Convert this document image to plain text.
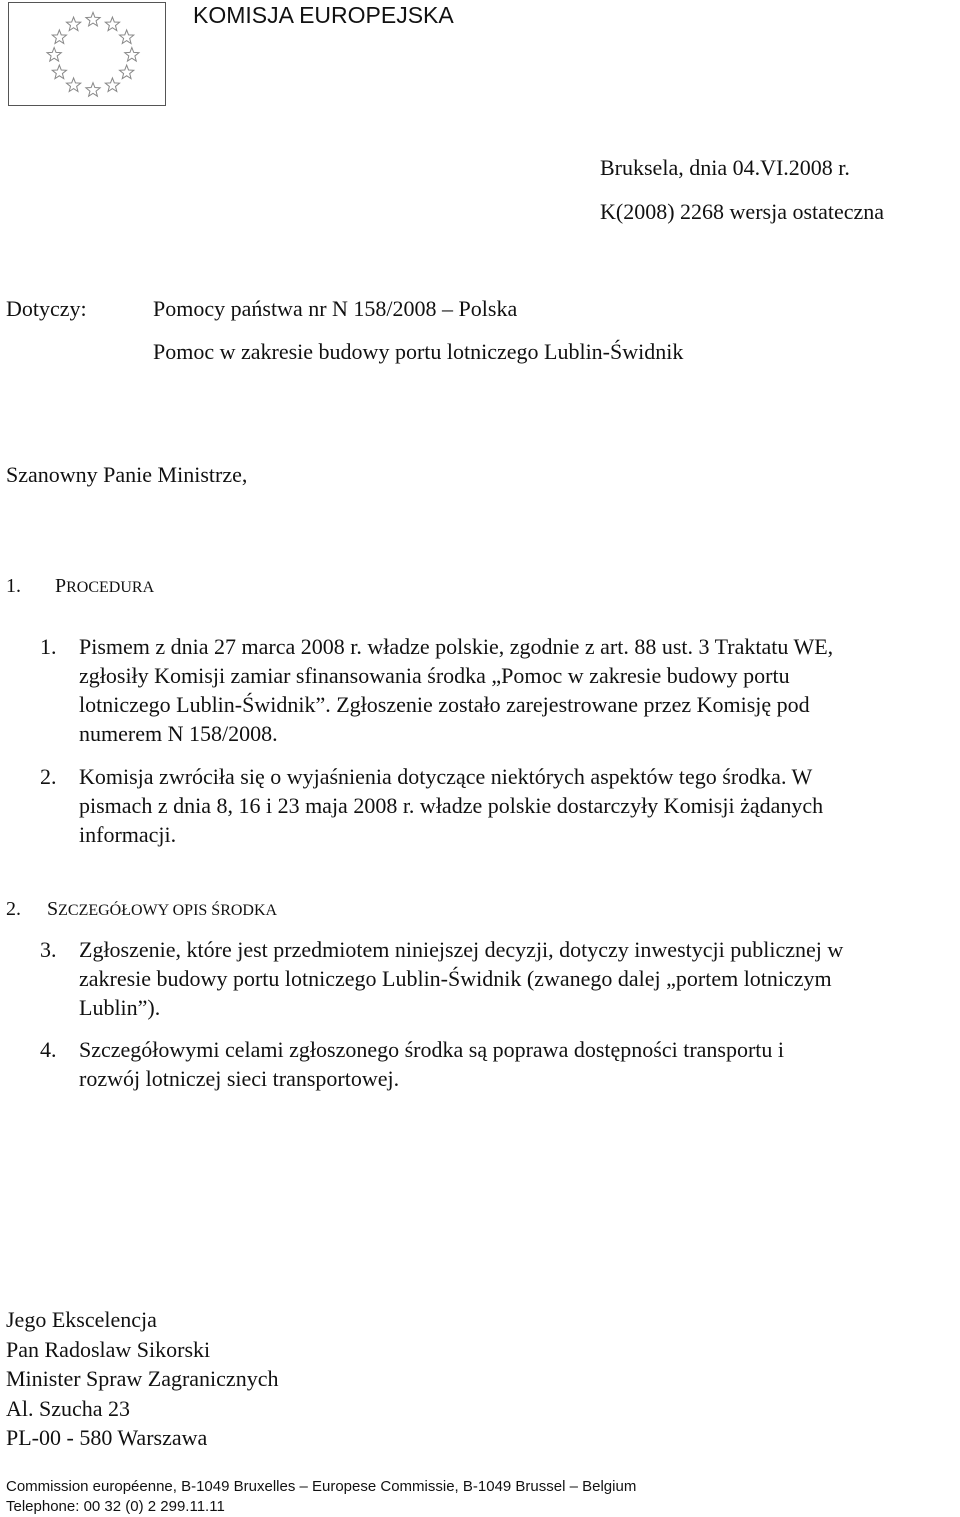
KOMISJA EUROPEJSKA
Bruksela, dnia 04.VI.2008 r.
K(2008) 2268 wersja ostateczna
Dotyczy:	Pomocy państwa nr N 158/2008 – Polska
Pomoc w zakresie budowy portu lotniczego Lublin-Świdnik
Szanowny Panie Ministrze,
1. PROCEDURA
1. Pismem z dnia 27 marca 2008 r. władze polskie, zgodnie z art. 88 ust. 3 Traktatu WE,
zgłosiły Komisji zamiar sfinansowania środka „Pomoc w zakresie budowy portu
lotniczego Lublin-Świdnik”. Zgłoszenie zostało zarejestrowane przez Komisję pod
numerem N 158/2008.
2. Komisja zwróciła się o wyjaśnienia dotyczące niektórych aspektów tego środka. W
pismach z dnia 8, 16 i 23 maja 2008 r. władze polskie dostarczyły Komisji żądanych
informacji.
2. SZCZEGÓŁOWY OPIS ŚRODKA
3. Zgłoszenie, które jest przedmiotem niniejszej decyzji, dotyczy inwestycji publicznej w
zakresie budowy portu lotniczego Lublin-Świdnik (zwanego dalej „portem lotniczym
Lublin”).
4. Szczegółowymi celami zgłoszonego środka są poprawa dostępności transportu i
rozwój lotniczej sieci transportowej.
Jego Ekscelencja
Pan Radoslaw Sikorski
Minister Spraw Zagranicznych
Al. Szucha 23
PL-00 - 580 Warszawa
Commission européenne, B-1049 Bruxelles – Europese Commissie, B-1049 Brussel – Belgium
Telephone: 00 32 (0) 2 299.11.11
